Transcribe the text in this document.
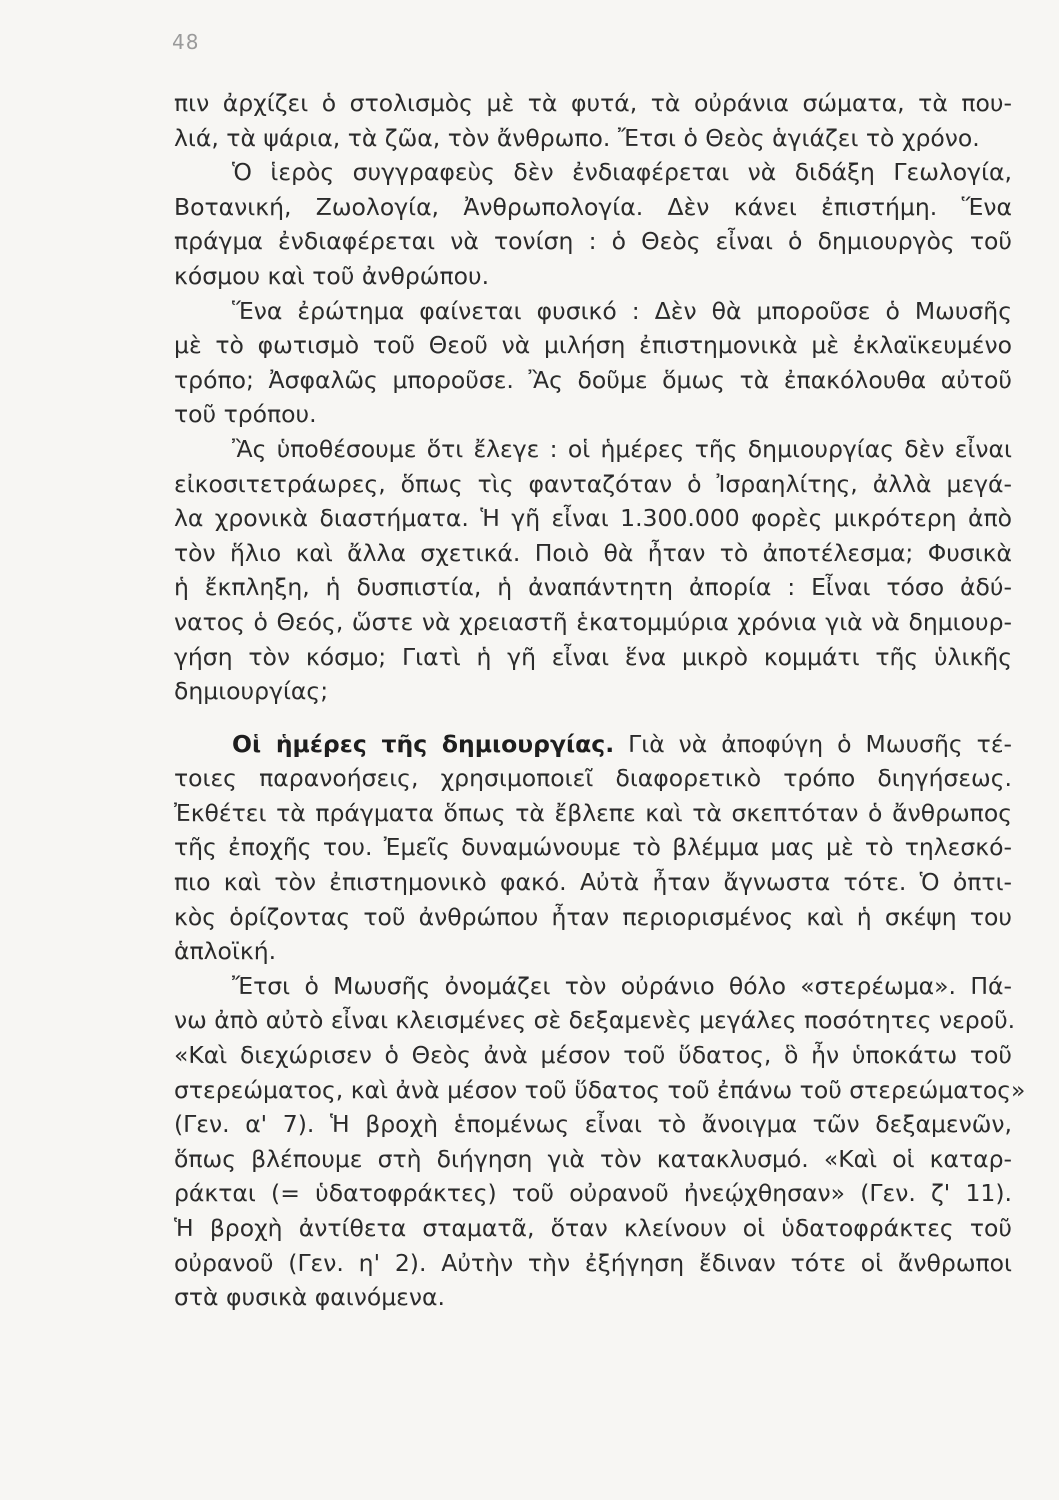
48
πιν ἀρχίζει ὁ στολισμὸς μὲ τὰ φυτά, τὰ οὐράνια σώματα, τὰ που-
λιά, τὰ ψάρια, τὰ ζῶα, τὸν ἄνθρωπο. Ἔτσι ὁ Θεὸς ἁγιάζει τὸ χρόνο.
Ὁ ἱερὸς συγγραφεὺς δὲν ἐνδιαφέρεται νὰ διδάξη Γεωλογία,
Βοτανική, Ζωολογία, Ἀνθρωπολογία. Δὲν κάνει ἐπιστήμη. Ἕνα
πράγμα ἐνδιαφέρεται νὰ τονίση : ὁ Θεὸς εἶναι ὁ δημιουργὸς τοῦ
κόσμου καὶ τοῦ ἀνθρώπου.
Ἕνα ἐρώτημα φαίνεται φυσικό : Δὲν θὰ μποροῦσε ὁ Μωυσῆς
μὲ τὸ φωτισμὸ τοῦ Θεοῦ νὰ μιλήση ἐπιστημονικὰ μὲ ἐκλαϊκευμένο
τρόπο; Ἀσφαλῶς μποροῦσε. Ἂς δοῦμε ὅμως τὰ ἐπακόλουθα αὐτοῦ
τοῦ τρόπου.
Ἂς ὑποθέσουμε ὅτι ἔλεγε : οἱ ἡμέρες τῆς δημιουργίας δὲν εἶναι
εἰκοσιτετράωρες, ὅπως τὶς φανταζόταν ὁ Ἰσραηλίτης, ἀλλὰ μεγά-
λα χρονικὰ διαστήματα. Ἡ γῆ εἶναι 1.300.000 φορὲς μικρότερη ἀπὸ
τὸν ἥλιο καὶ ἄλλα σχετικά. Ποιὸ θὰ ἦταν τὸ ἀποτέλεσμα; Φυσικὰ
ἡ ἔκπληξη, ἡ δυσπιστία, ἡ ἀναπάντητη ἀπορία : Εἶναι τόσο ἀδύ-
νατος ὁ Θεός, ὥστε νὰ χρειαστῆ ἑκατομμύρια χρόνια γιὰ νὰ δημιουρ-
γήση τὸν κόσμο; Γιατὶ ἡ γῆ εἶναι ἕνα μικρὸ κομμάτι τῆς ὑλικῆς
δημιουργίας;
Οἱ ἡμέρες τῆς δημιουργίας. Γιὰ νὰ ἀποφύγη ὁ Μωυσῆς τέ-
τοιες παρανοήσεις, χρησιμοποιεῖ διαφορετικὸ τρόπο διηγήσεως.
Ἐκθέτει τὰ πράγματα ὅπως τὰ ἔβλεπε καὶ τὰ σκεπτόταν ὁ ἄνθρωπος
τῆς ἐποχῆς του. Ἐμεῖς δυναμώνουμε τὸ βλέμμα μας μὲ τὸ τηλεσκό-
πιο καὶ τὸν ἐπιστημονικὸ φακό. Αὐτὰ ἦταν ἄγνωστα τότε. Ὁ ὀπτι-
κὸς ὁρίζοντας τοῦ ἀνθρώπου ἦταν περιορισμένος καὶ ἡ σκέψη του
ἁπλοϊκή.
Ἔτσι ὁ Μωυσῆς ὀνομάζει τὸν οὐράνιο θόλο «στερέωμα». Πά-
νω ἀπὸ αὐτὸ εἶναι κλεισμένες σὲ δεξαμενὲς μεγάλες ποσότητες νεροῦ.
«Καὶ διεχώρισεν ὁ Θεὸς ἀνὰ μέσον τοῦ ὕδατος, ὃ ἦν ὑποκάτω τοῦ
στερεώματος, καὶ ἀνὰ μέσον τοῦ ὕδατος τοῦ ἐπάνω τοῦ στερεώματος»
(Γεν. α' 7). Ἡ βροχὴ ἑπομένως εἶναι τὸ ἄνοιγμα τῶν δεξαμενῶν,
ὅπως βλέπουμε στὴ διήγηση γιὰ τὸν κατακλυσμό. «Καὶ οἱ καταρ-
ράκται (= ὑδατοφράκτες) τοῦ οὐρανοῦ ἠνεῴχθησαν» (Γεν. ζ' 11).
Ἡ βροχὴ ἀντίθετα σταματᾶ, ὅταν κλείνουν οἱ ὑδατοφράκτες τοῦ
οὐρανοῦ (Γεν. η' 2). Αὐτὴν τὴν ἐξήγηση ἔδιναν τότε οἱ ἄνθρωποι
στὰ φυσικὰ φαινόμενα.
